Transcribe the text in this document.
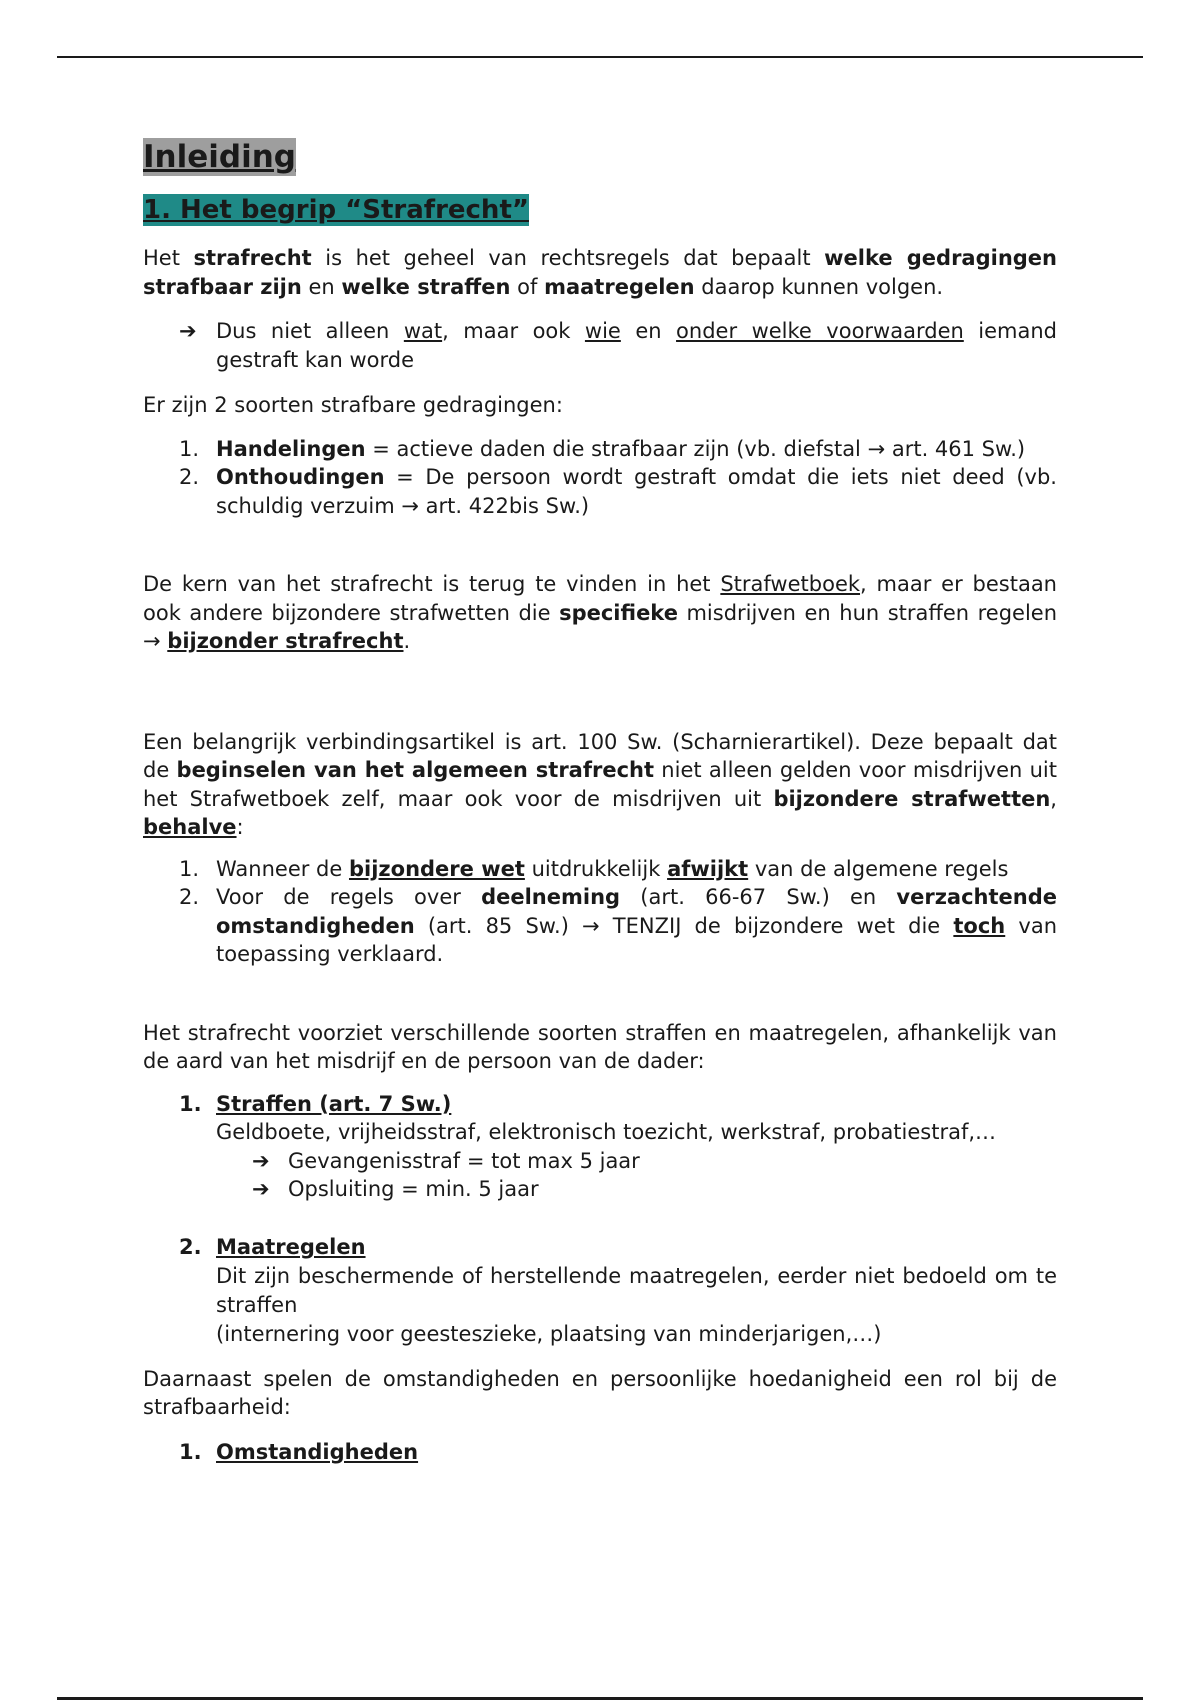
Inleiding
1. Het begrip “Strafrecht”

Het strafrecht is het geheel van rechtsregels dat bepaalt welke gedragingen strafbaar zijn en welke straffen of maatregelen daarop kunnen volgen.

➔ Dus niet alleen wat, maar ook wie en onder welke voorwaarden iemand gestraft kan worde

Er zijn 2 soorten strafbare gedragingen:

1. Handelingen = actieve daden die strafbaar zijn (vb. diefstal → art. 461 Sw.)
2. Onthoudingen = De persoon wordt gestraft omdat die iets niet deed (vb. schuldig verzuim → art. 422bis Sw.)

De kern van het strafrecht is terug te vinden in het Strafwetboek, maar er bestaan ook andere bijzondere strafwetten die specifieke misdrijven en hun straffen regelen → bijzonder strafrecht.

Een belangrijk verbindingsartikel is art. 100 Sw. (Scharnierartikel). Deze bepaalt dat de beginselen van het algemeen strafrecht niet alleen gelden voor misdrijven uit het Strafwetboek zelf, maar ook voor de misdrijven uit bijzondere strafwetten, behalve:

1. Wanneer de bijzondere wet uitdrukkelijk afwijkt van de algemene regels
2. Voor de regels over deelneming (art. 66-67 Sw.) en verzachtende omstandigheden (art. 85 Sw.) → TENZIJ de bijzondere wet die toch van toepassing verklaard.

Het strafrecht voorziet verschillende soorten straffen en maatregelen, afhankelijk van de aard van het misdrijf en de persoon van de dader:

1. Straffen (art. 7 Sw.)
Geldboete, vrijheidsstraf, elektronisch toezicht, werkstraf, probatiestraf,…
➔ Gevangenisstraf = tot max 5 jaar
➔ Opsluiting = min. 5 jaar
2. Maatregelen
Dit zijn beschermende of herstellende maatregelen, eerder niet bedoeld om te straffen
(internering voor geesteszieke, plaatsing van minderjarigen,…)

Daarnaast spelen de omstandigheden en persoonlijke hoedanigheid een rol bij de strafbaarheid:

1. Omstandigheden
